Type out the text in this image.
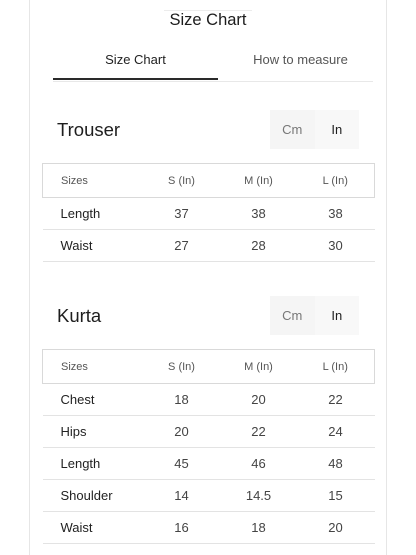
Size Chart
Size Chart	How to measure
Trouser	Cm	In
Sizes	S (In)	M (In)	L (In)
Length	37	38	38
Waist	27	28	30
Kurta	Cm	In
Sizes	S (In)	M (In)	L (In)
Chest	18	20	22
Hips	20	22	24
Length	45	46	48
Shoulder	14	14.5	15
Waist	16	18	20
